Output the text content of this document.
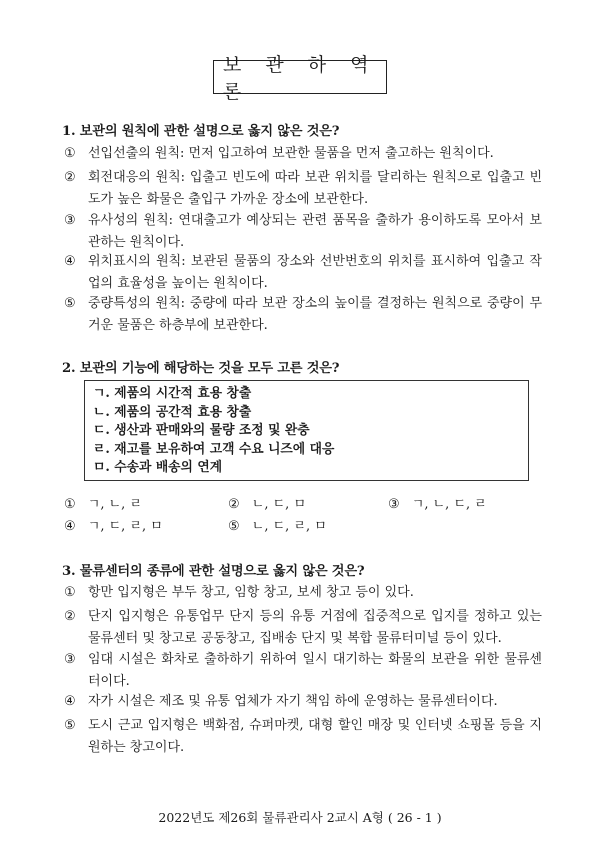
보 관 하 역 론
1. 보관의 원칙에 관한 설명으로 옳지 않은 것은?
① 선입선출의 원칙: 먼저 입고하여 보관한 물품을 먼저 출고하는 원칙이다.
② 회전대응의 원칙: 입출고 빈도에 따라 보관 위치를 달리하는 원칙으로 입출고 빈도가 높은 화물은 출입구 가까운 장소에 보관한다.
③ 유사성의 원칙: 연대출고가 예상되는 관련 품목을 출하가 용이하도록 모아서 보관하는 원칙이다.
④ 위치표시의 원칙: 보관된 물품의 장소와 선반번호의 위치를 표시하여 입출고 작업의 효율성을 높이는 원칙이다.
⑤ 중량특성의 원칙: 중량에 따라 보관 장소의 높이를 결정하는 원칙으로 중량이 무거운 물품은 하층부에 보관한다.
2. 보관의 기능에 해당하는 것을 모두 고른 것은?
ㄱ. 제품의 시간적 효용 창출
ㄴ. 제품의 공간적 효용 창출
ㄷ. 생산과 판매와의 물량 조정 및 완충
ㄹ. 재고를 보유하여 고객 수요 니즈에 대응
ㅁ. 수송과 배송의 연계
① ㄱ, ㄴ, ㄹ	② ㄴ, ㄷ, ㅁ	③ ㄱ, ㄴ, ㄷ, ㄹ
④ ㄱ, ㄷ, ㄹ, ㅁ	⑤ ㄴ, ㄷ, ㄹ, ㅁ
3. 물류센터의 종류에 관한 설명으로 옳지 않은 것은?
① 항만 입지형은 부두 창고, 임항 창고, 보세 창고 등이 있다.
② 단지 입지형은 유통업무 단지 등의 유통 거점에 집중적으로 입지를 정하고 있는 물류센터 및 창고로 공동창고, 집배송 단지 및 복합 물류터미널 등이 있다.
③ 임대 시설은 화차로 출하하기 위하여 일시 대기하는 화물의 보관을 위한 물류센터이다.
④ 자가 시설은 제조 및 유통 업체가 자기 책임 하에 운영하는 물류센터이다.
⑤ 도시 근교 입지형은 백화점, 슈퍼마켓, 대형 할인 매장 및 인터넷 쇼핑몰 등을 지원하는 창고이다.
2022년도 제26회 물류관리사 2교시 A형 ( 26 - 1 )
